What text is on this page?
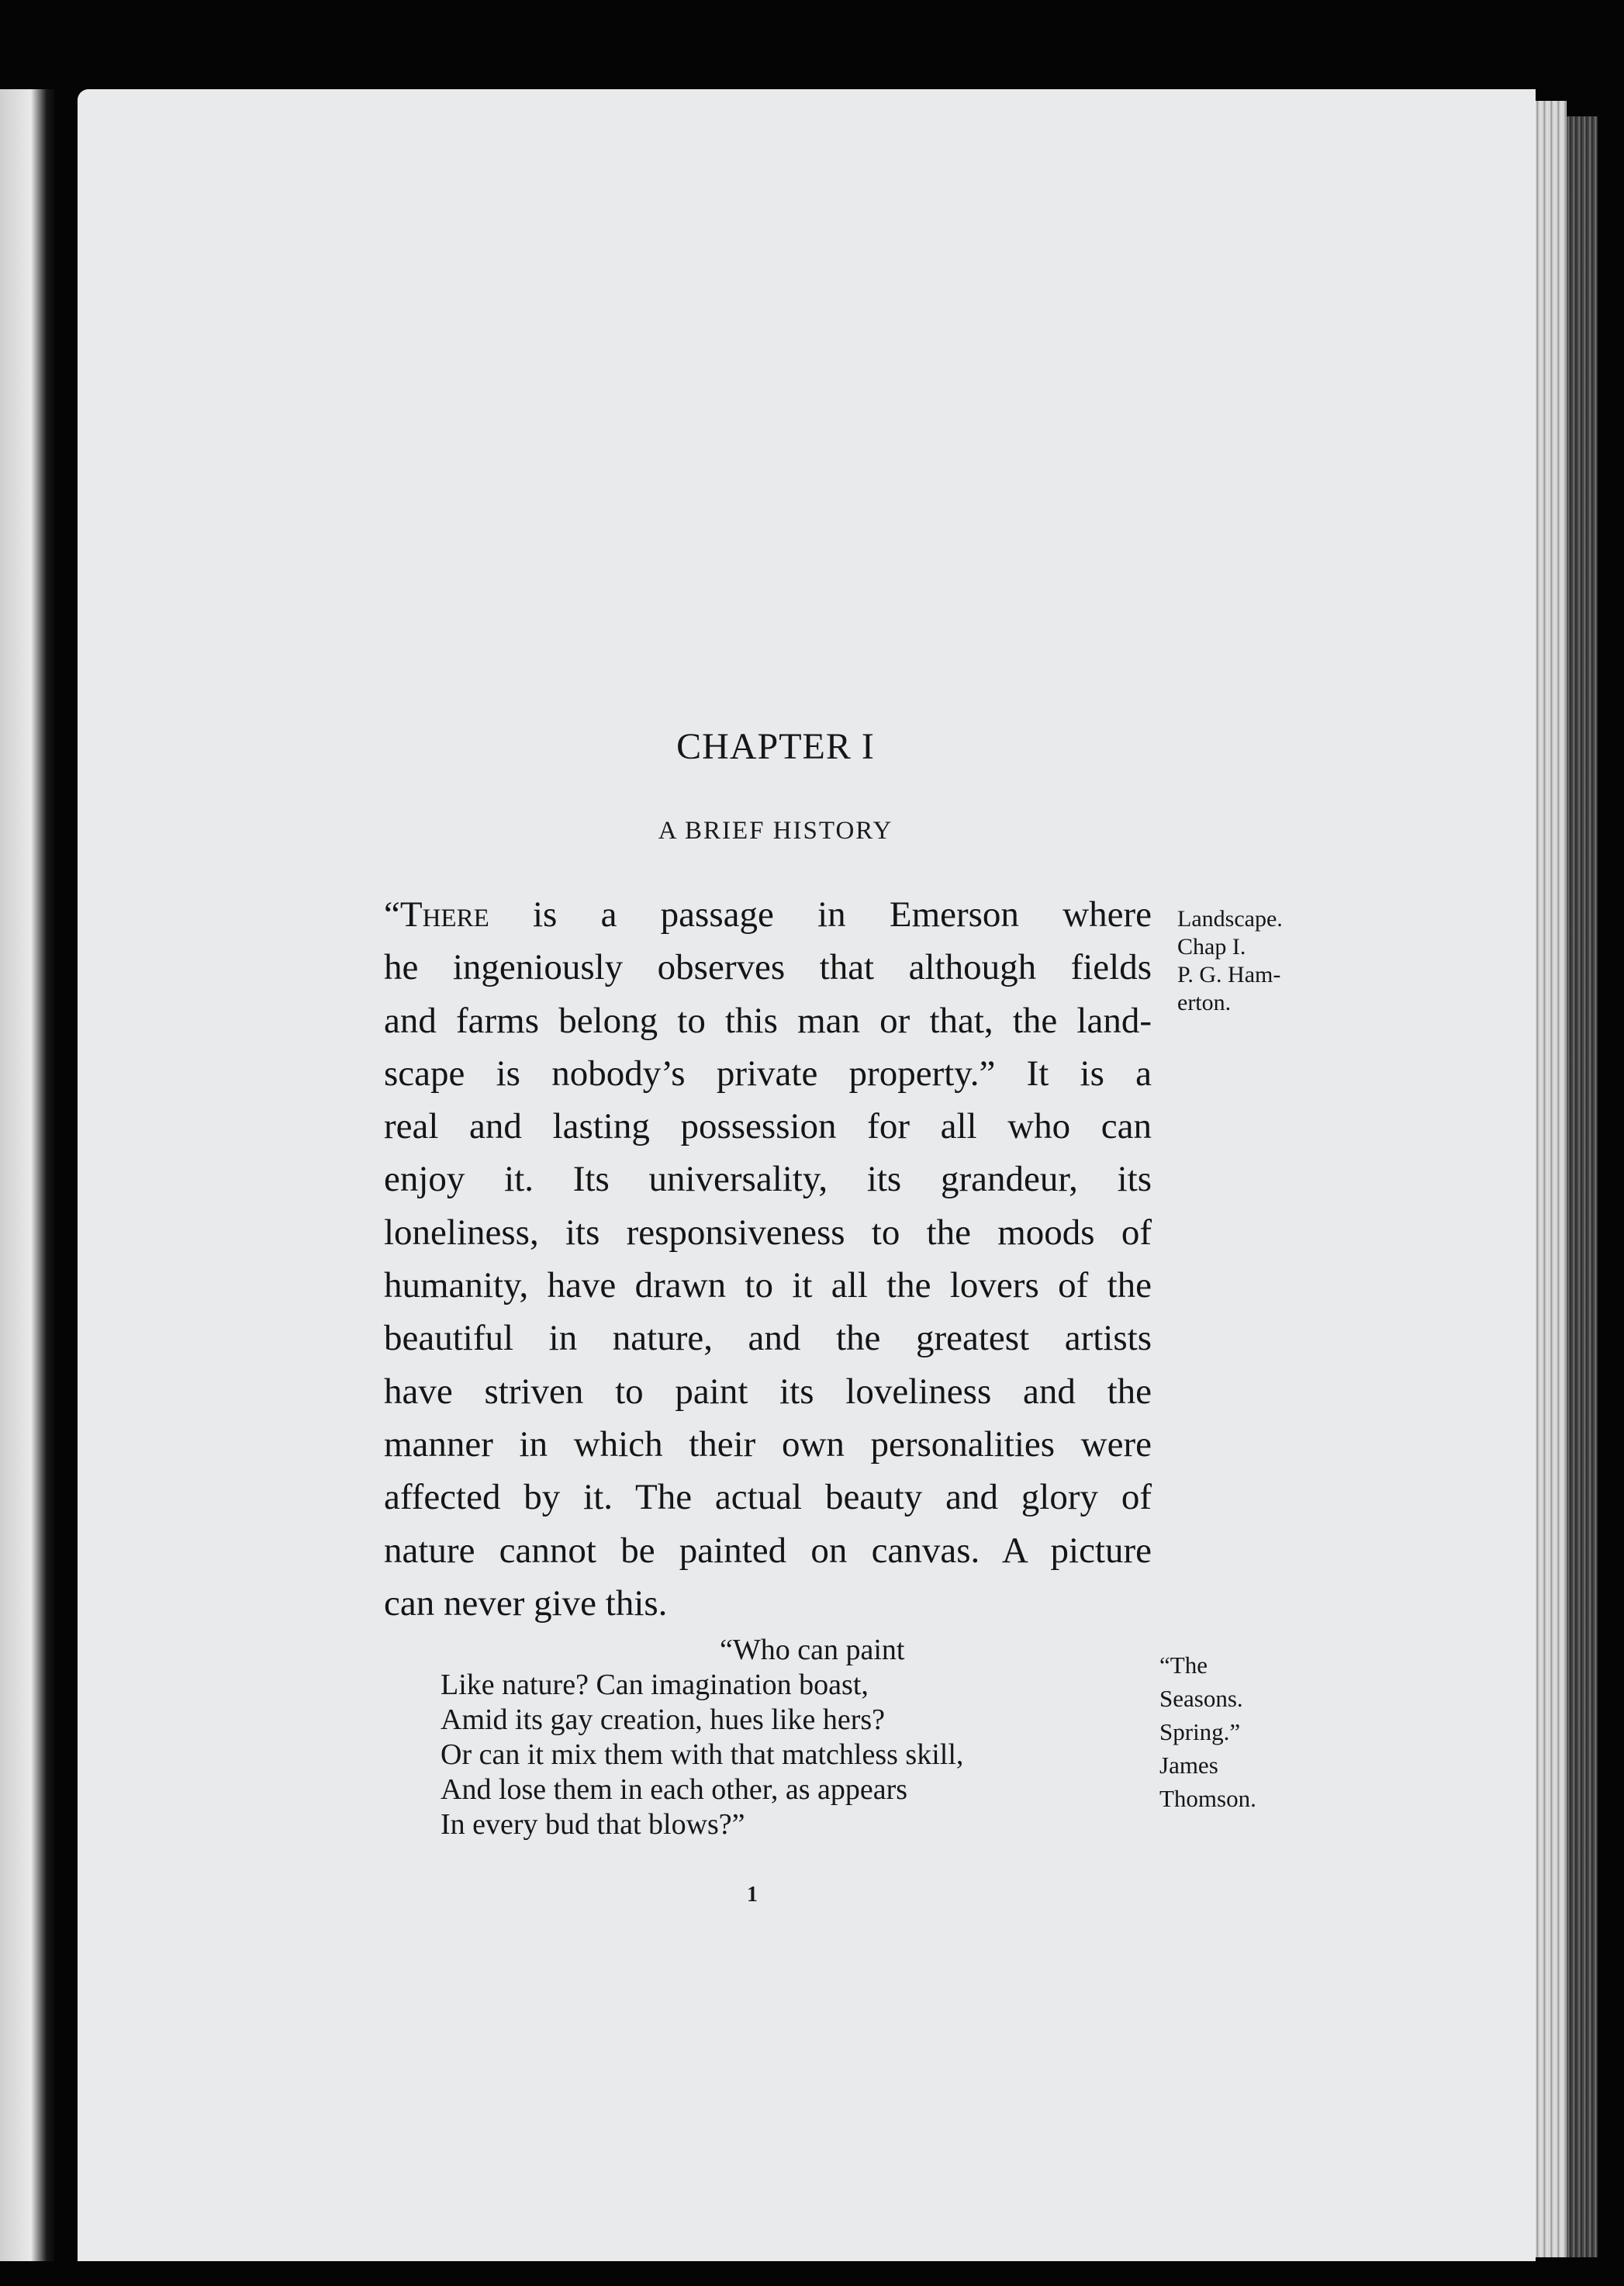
CHAPTER I
A BRIEF HISTORY
“There is a passage in Emerson where
he ingeniously observes that although fields
and farms belong to this man or that, the land-
scape is nobody’s private property.” It is a
real and lasting possession for all who can
enjoy it. Its universality, its grandeur, its
loneliness, its responsiveness to the moods of
humanity, have drawn to it all the lovers of the
beautiful in nature, and the greatest artists
have striven to paint its loveliness and the
manner in which their own personalities were
affected by it. The actual beauty and glory of
nature cannot be painted on canvas. A picture
can never give this.
Landscape.
Chap I.
P. G. Ham-
erton.
“Who can paint
Like nature? Can imagination boast,
Amid its gay creation, hues like hers?
Or can it mix them with that matchless skill,
And lose them in each other, as appears
In every bud that blows?”
“The
Seasons.
Spring.”
James
Thomson.
1
